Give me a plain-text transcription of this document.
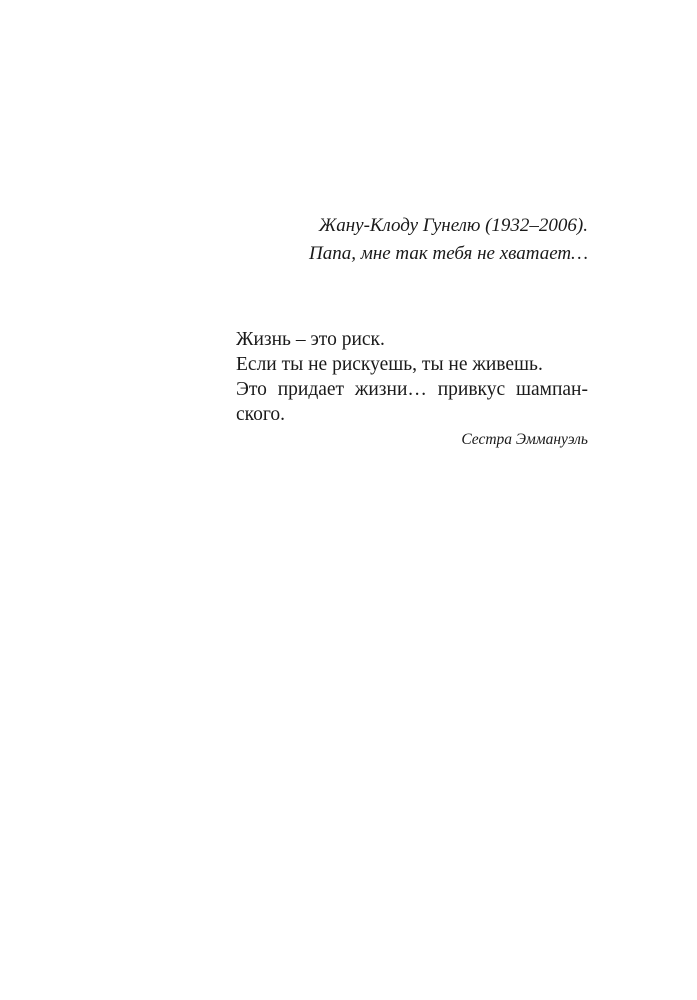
Жану-Клоду Гунелю (1932–2006).
Папа, мне так тебя не хватает…
Жизнь – это риск.
Если ты не рискуешь, ты не живешь.
Это придает жизни… привкус шампан-
ского.
Сестра Эммануэль
